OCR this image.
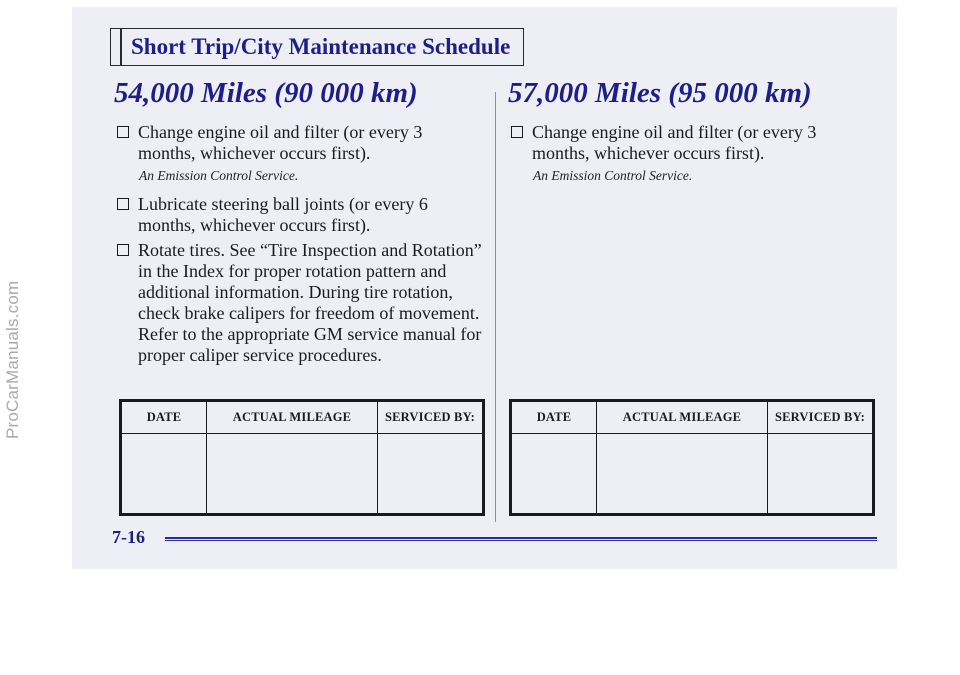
ProCarManuals.com
Short Trip/City Maintenance Schedule
54,000 Miles (90 000 km)
Change engine oil and filter (or every 3 months, whichever occurs first).
An Emission Control Service.
Lubricate steering ball joints (or every 6 months, whichever occurs first).
Rotate tires. See “Tire Inspection and Rotation” in the Index for proper rotation pattern and additional information. During tire rotation, check brake calipers for freedom of movement. Refer to the appropriate GM service manual for proper caliper service procedures.
57,000 Miles (95 000 km)
Change engine oil and filter (or every 3 months, whichever occurs first).
An Emission Control Service.
DATE	ACTUAL MILEAGE	SERVICED BY:
			DATE	ACTUAL MILEAGE	SERVICED BY:

7-16
